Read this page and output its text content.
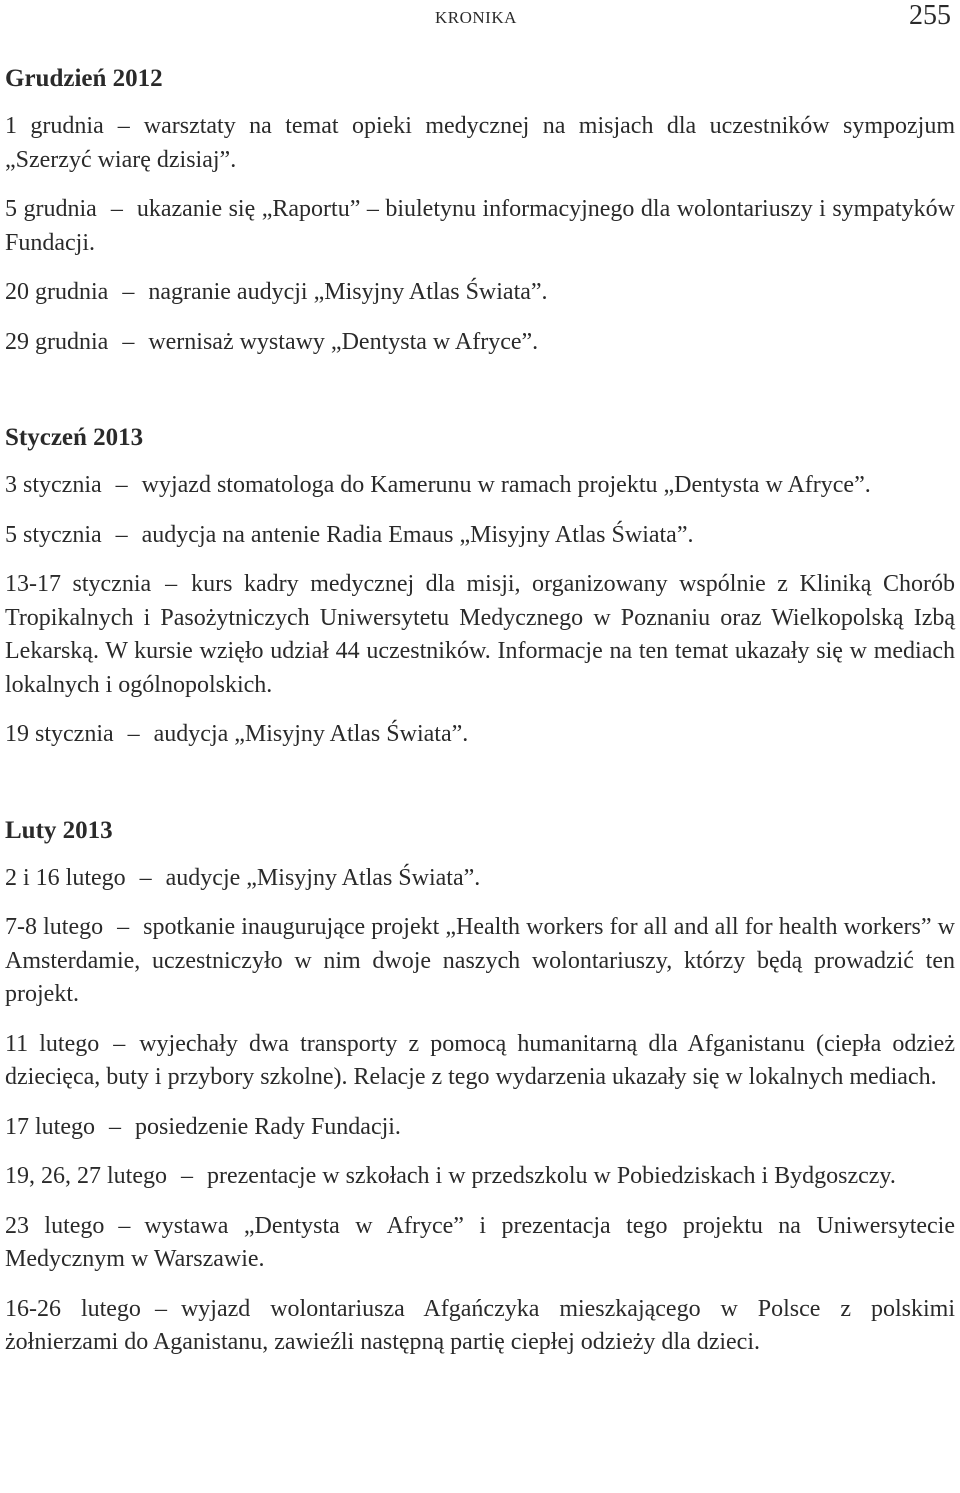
KRONIKA	255
Grudzień 2012
1 grudnia – warsztaty na temat opieki medycznej na misjach dla uczestników sympozjum „Szerzyć wiarę dzisiaj”.
5 grudnia – ukazanie się „Raportu” – biuletynu informacyjnego dla wolontariuszy i sympatyków Fundacji.
20 grudnia – nagranie audycji „Misyjny Atlas Świata”.
29 grudnia – wernisaż wystawy „Dentysta w Afryce”.
Styczeń 2013
3 stycznia – wyjazd stomatologa do Kamerunu w ramach projektu „Dentysta w Afryce”.
5 stycznia – audycja na antenie Radia Emaus „Misyjny Atlas Świata”.
13-17 stycznia – kurs kadry medycznej dla misji, organizowany wspólnie z Kliniką Chorób Tropikalnych i Pasożytniczych Uniwersytetu Medycznego w Poznaniu oraz Wielkopolską Izbą Lekarską. W kursie wzięło udział 44 uczestników. Informacje na ten temat ukazały się w mediach lokalnych i ogólnopolskich.
19 stycznia – audycja „Misyjny Atlas Świata”.
Luty 2013
2 i 16 lutego – audycje „Misyjny Atlas Świata”.
7-8 lutego – spotkanie inaugurujące projekt „Health workers for all and all for health workers” w Amsterdamie, uczestniczyło w nim dwoje naszych wolontariuszy, którzy będą prowadzić ten projekt.
11 lutego – wyjechały dwa transporty z pomocą humanitarną dla Afganistanu (ciepła odzież dziecięca, buty i przybory szkolne). Relacje z tego wydarzenia ukazały się w lokalnych mediach.
17 lutego – posiedzenie Rady Fundacji.
19, 26, 27 lutego – prezentacje w szkołach i w przedszkolu w Pobiedziskach i Bydgoszczy.
23 lutego – wystawa „Dentysta w Afryce” i prezentacja tego projektu na Uniwersytecie Medycznym w Warszawie.
16-26 lutego – wyjazd wolontariusza Afgańczyka mieszkającego w Polsce z polskimi żołnierzami do Aganistanu, zawieźli następną partię ciepłej odzieży dla dzieci.
